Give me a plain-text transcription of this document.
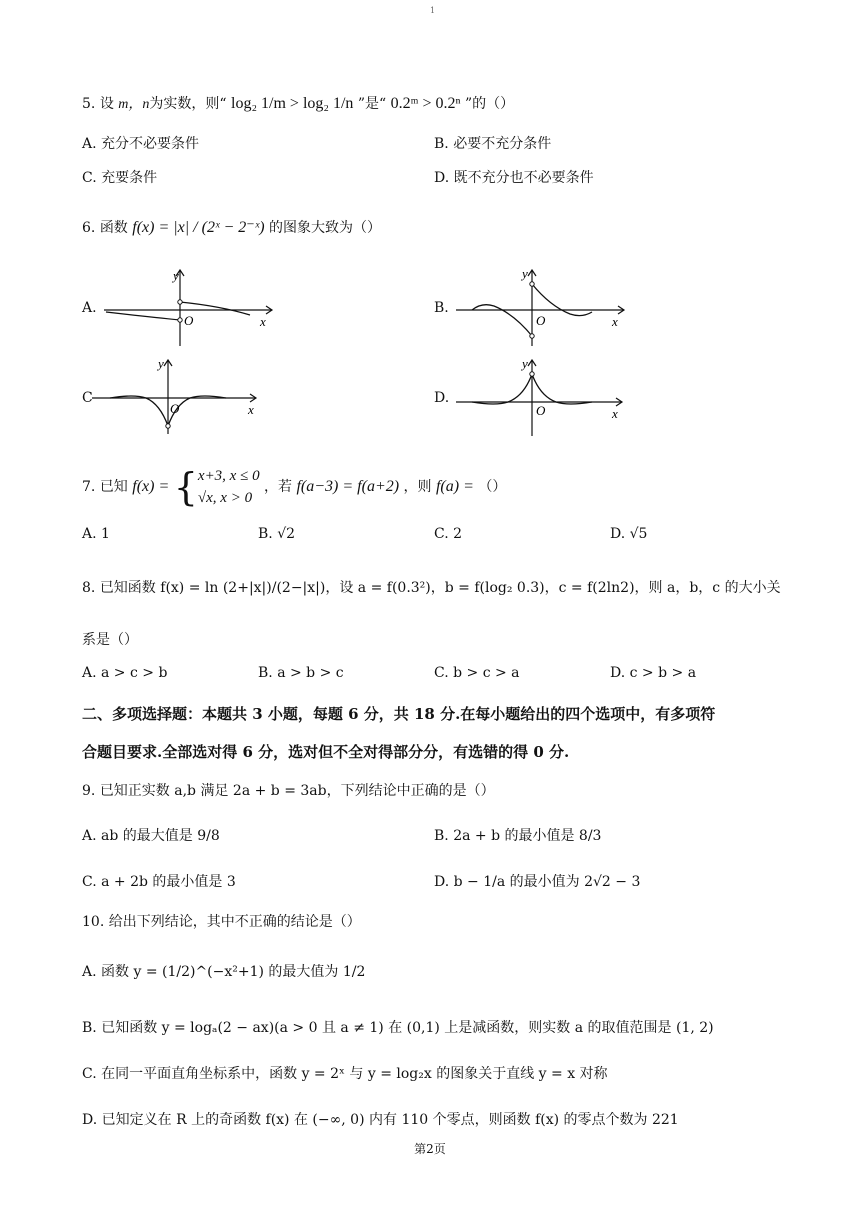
1
5. 设 m，n为实数，则“ log₂ 1/m > log₂ 1/n ”是“ 0.2ᵐ > 0.2ⁿ ”的（）
A. 充分不必要条件	B. 必要不充分条件
C. 充要条件	D. 既不充分也不必要条件
6. 函数 f(x) = |x| / (2ˣ − 2⁻ˣ) 的图象大致为（）
A.
y
O	x
B.
y
O	x
C
y
O	x
D.
y
O	x
7. 已知 f(x) = { x+3, x ≤ 0
√x, x > 0
，若 f(a−3) = f(a+2) ，则 f(a) = （）
A. 1	B. √2	C. 2	D. √5
8. 已知函数 f(x) = ln (2+|x|)/(2−|x|)，设 a = f(0.3²)，b = f(log₂ 0.3)，c = f(2ln2)，则 a，b，c 的大小关
系是（）
A. a > c > b	B. a > b > c	C. b > c > a	D. c > b > a
二、多项选择题：本题共 3 小题，每题 6 分，共 18 分.在每小题给出的四个选项中，有多项符
合题目要求.全部选对得 6 分，选对但不全对得部分分，有选错的得 0 分.
9. 已知正实数 a,b 满足 2a + b = 3ab，下列结论中正确的是（）
A. ab 的最大值是 9/8	B. 2a + b 的最小值是 8/3
C. a + 2b 的最小值是 3	D. b − 1/a 的最小值为 2√2 − 3
10. 给出下列结论，其中不正确的结论是（）
A. 函数 y = (1/2)^(−x²+1) 的最大值为 1/2
B. 已知函数 y = logₐ(2 − ax)(a > 0 且 a ≠ 1) 在 (0,1) 上是减函数，则实数 a 的取值范围是 (1, 2)
C. 在同一平面直角坐标系中，函数 y = 2ˣ 与 y = log₂x 的图象关于直线 y = x 对称
D. 已知定义在 R 上的奇函数 f(x) 在 (−∞, 0) 内有 110 个零点，则函数 f(x) 的零点个数为 221
第2页
